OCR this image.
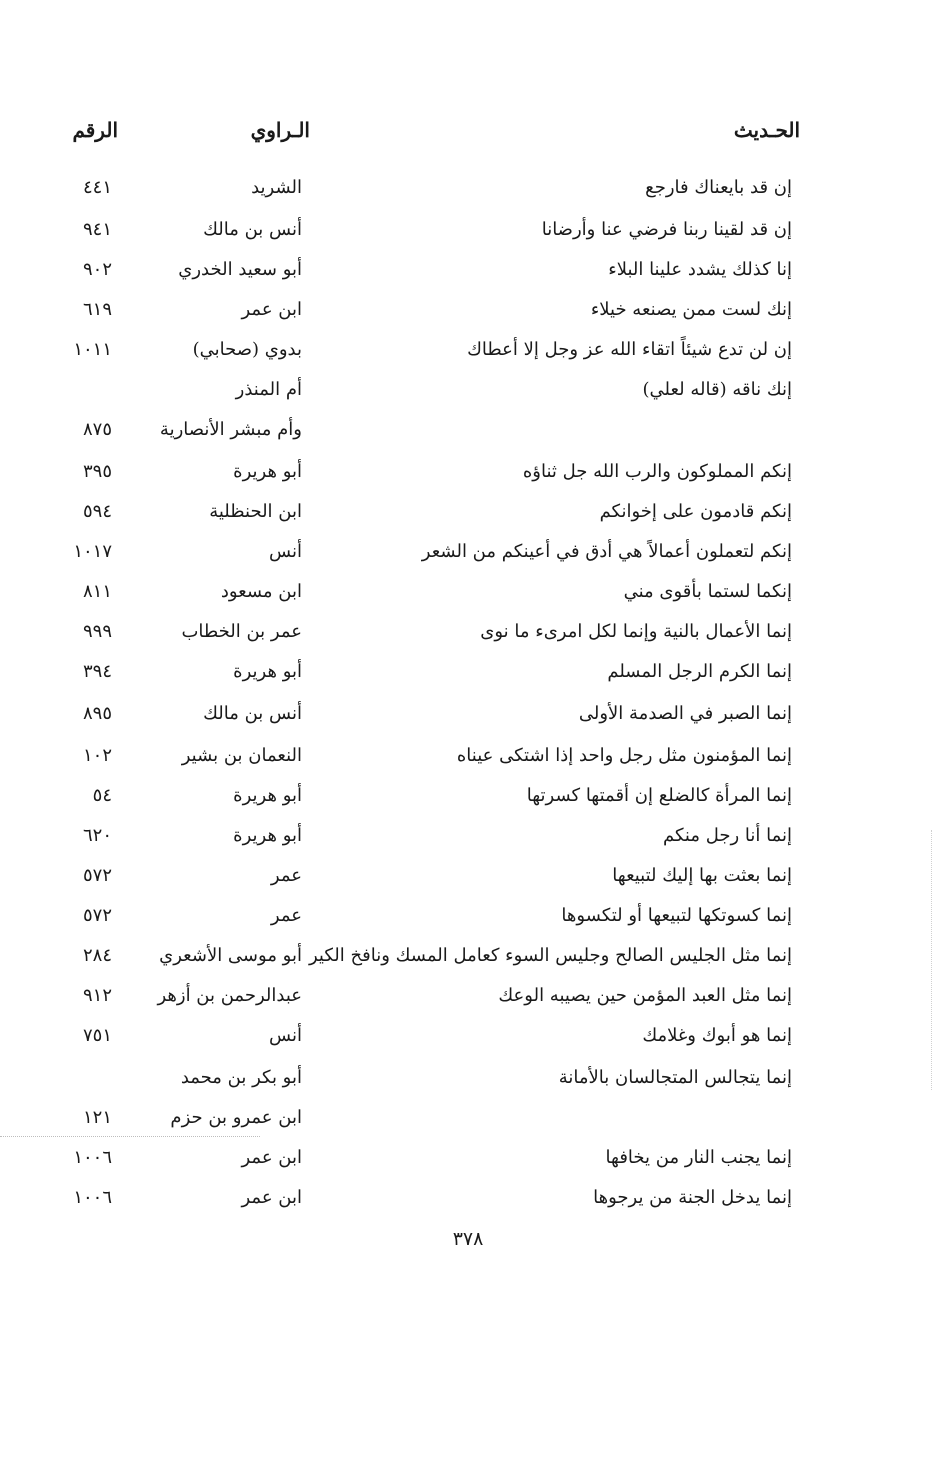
الحـديث
الـراوي
الرقم
إن قد بايعناك فارجع
الشريد
٤٤١
إن قد لقينا ربنا فرضي عنا وأرضانا
أنس بن مالك
٩٤١
إنا كذلك يشدد علينا البلاء
أبو سعيد الخدري
٩٠٢
إنك لست ممن يصنعه خيلاء
ابن عمر
٦١٩
إن لن تدع شيئاً اتقاء الله عز وجل إلا أعطاك
بدوي (صحابي)
١٠١١
إنك ناقه (قاله لعلي)
أم المنذر
وأم مبشر الأنصارية
٨٧٥
إنكم المملوكون والرب الله جل ثناؤه
أبو هريرة
٣٩٥
إنكم قادمون على إخوانكم
ابن الحنظلية
٥٩٤
إنكم لتعملون أعمالاً هي أدق في أعينكم من الشعر
أنس
١٠١٧
إنكما لستما بأقوى مني
ابن مسعود
٨١١
إنما الأعمال بالنية وإنما لكل امرىء ما نوى
عمر بن الخطاب
٩٩٩
إنما الكرم الرجل المسلم
أبو هريرة
٣٩٤
إنما الصبر في الصدمة الأولى
أنس بن مالك
٨٩٥
إنما المؤمنون مثل رجل واحد إذا اشتكى عيناه
النعمان بن بشير
١٠٢
إنما المرأة كالضلع إن أقمتها كسرتها
أبو هريرة
٥٤
إنما أنا رجل منكم
أبو هريرة
٦٢٠
إنما بعثت بها إليك لتبيعها
عمر
٥٧٢
إنما كسوتكها لتبيعها أو لتكسوها
عمر
٥٧٢
إنما مثل الجليس الصالح وجليس السوء كعامل المسك ونافخ الكير
أبو موسى الأشعري
٢٨٤
إنما مثل العبد المؤمن حين يصيبه الوعك
عبدالرحمن بن أزهر
٩١٢
إنما هو أبوك وغلامك
أنس
٧٥١
إنما يتجالس المتجالسان بالأمانة
أبو بكر بن محمد
ابن عمرو بن حزم
١٢١
إنما يجنب النار من يخافها
ابن عمر
١٠٠٦
إنما يدخل الجنة من يرجوها
ابن عمر
١٠٠٦
٣٧٨
